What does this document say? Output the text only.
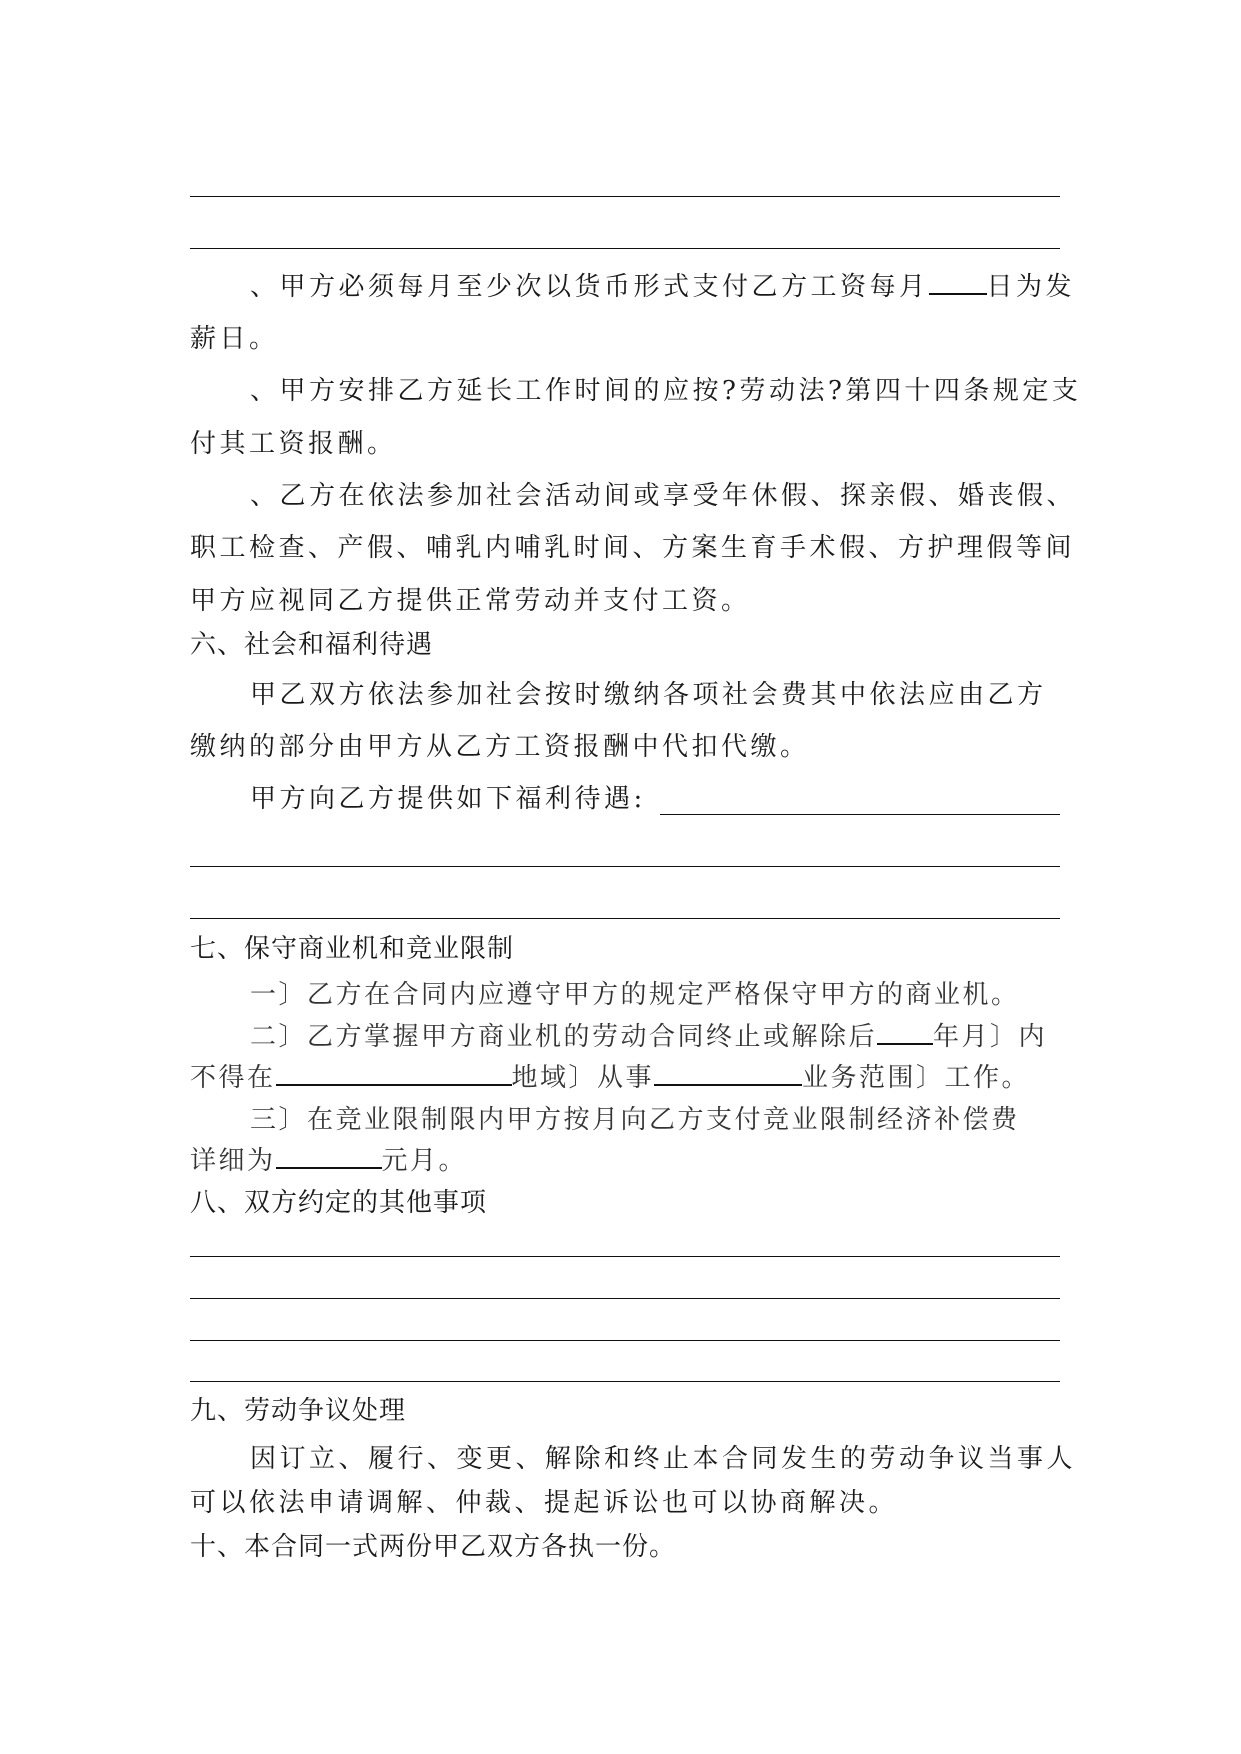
、甲方必须每月至少次以货币形式支付乙方工资每月 日为发
薪日。
、甲方安排乙方延长工作时间的应按?劳动法?第四十四条规定支
付其工资报酬。
、乙方在依法参加社会活动间或享受年休假、探亲假、婚丧假、
职工检查、产假、哺乳内哺乳时间、方案生育手术假、方护理假等间
甲方应视同乙方提供正常劳动并支付工资。
六、社会和福利待遇
甲乙双方依法参加社会按时缴纳各项社会费其中依法应由乙方
缴纳的部分由甲方从乙方工资报酬中代扣代缴。
甲方向乙方提供如下福利待遇:
七、保守商业机和竞业限制
一〕乙方在合同内应遵守甲方的规定严格保守甲方的商业机。
二〕乙方掌握甲方商业机的劳动合同终止或解除后 年月〕内
不得在	地域〕从事	业务范围〕工作。
三〕在竞业限制限内甲方按月向乙方支付竞业限制经济补偿费
详细为	元月。
八、双方约定的其他事项
九、劳动争议处理
因订立、履行、变更、解除和终止本合同发生的劳动争议当事人
可以依法申请调解、仲裁、提起诉讼也可以协商解决。
十、本合同一式两份甲乙双方各执一份。
